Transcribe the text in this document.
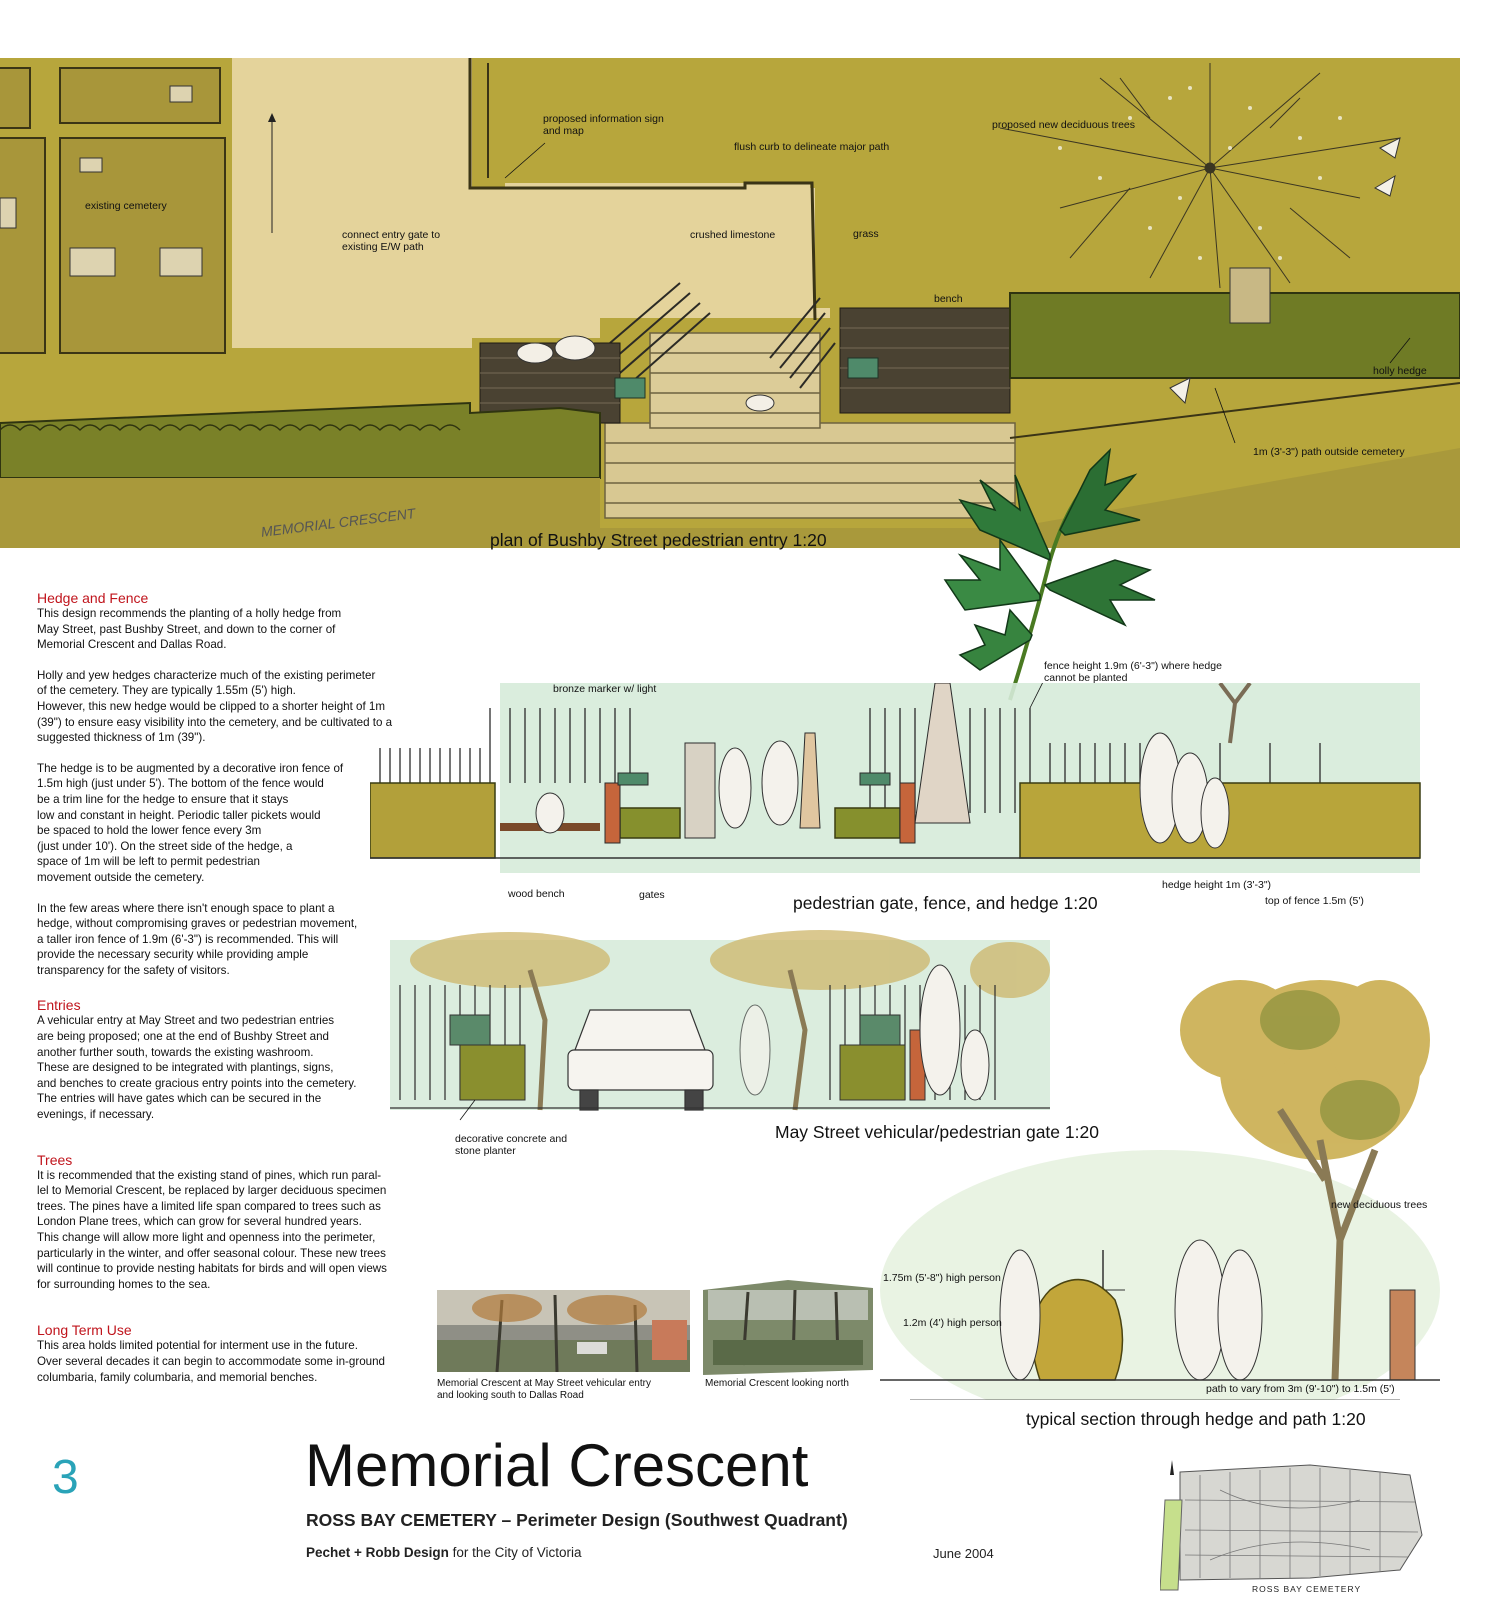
existing cemetery
connect entry gate to
existing E/W path
proposed information sign
and map
flush curb to delineate major path
crushed limestone	grass
proposed new deciduous trees
bench
holly hedge
1m (3'-3") path outside cemetery
MEMORIAL CRESCENT
plan of Bushby Street pedestrian entry 1:20
bronze marker w/ light
fence height 1.9m (6'-3") where hedge
cannot be planted
wood bench	gates
hedge height 1m (3'-3")
top of fence 1.5m (5')
pedestrian gate, fence, and hedge 1:20
decorative concrete and
stone planter
May Street vehicular/pedestrian gate 1:20
new deciduous trees
1.75m (5'-8") high person
1.2m (4') high person
path to vary from 3m (9'-10") to 1.5m (5')
typical section through hedge and path 1:20
Memorial Crescent at May Street vehicular entry
and looking south to Dallas Road
Memorial Crescent looking north

Hedge and Fence

This design recommends the planting of a holly hedge from
May Street, past Bushby Street, and down to the corner of
Memorial Crescent and Dallas Road.

Holly and yew hedges characterize much of the existing perimeter
of the cemetery. They are typically 1.55m (5') high.
However, this new hedge would be clipped to a shorter height of 1m
(39") to ensure easy visibility into the cemetery, and be cultivated to a
suggested thickness of 1m (39").

The hedge is to be augmented by a decorative iron fence of
1.5m high (just under 5'). The bottom of the fence would
be a trim line for the hedge to ensure that it stays
low and constant in height. Periodic taller pickets would
be spaced to hold the lower fence every 3m
(just under 10'). On the street side of the hedge, a
space of 1m will be left to permit pedestrian
movement outside the cemetery.

In the few areas where there isn't enough space to plant a
hedge, without compromising graves or pedestrian movement,
a taller iron fence of 1.9m (6'-3") is recommended. This will
provide the necessary security while providing ample
transparency for the safety of visitors.

Entries

A vehicular entry at May Street and two pedestrian entries
are being proposed; one at the end of Bushby Street and
another further south, towards the existing washroom.
These are designed to be integrated with plantings, signs,
and benches to create gracious entry points into the cemetery.
The entries will have gates which can be secured in the
evenings, if necessary.

Trees

It is recommended that the existing stand of pines, which run paral-
lel to Memorial Crescent, be replaced by larger deciduous specimen
trees. The pines have a limited life span compared to trees such as
London Plane trees, which can grow for several hundred years.
This change will allow more light and openness into the perimeter,
particularly in the winter, and offer seasonal colour. These new trees
will continue to provide nesting habitats for birds and will open views
for surrounding homes to the sea.

Long Term Use

This area holds limited potential for interment use in the future.
Over several decades it can begin to accommodate some in-ground
columbaria, family columbaria, and memorial benches.

3	Memorial Crescent
ROSS BAY CEMETERY – Perimeter Design (Southwest Quadrant)
Pechet + Robb Design for the City of Victoria	June 2004
ROSS BAY CEMETERY
